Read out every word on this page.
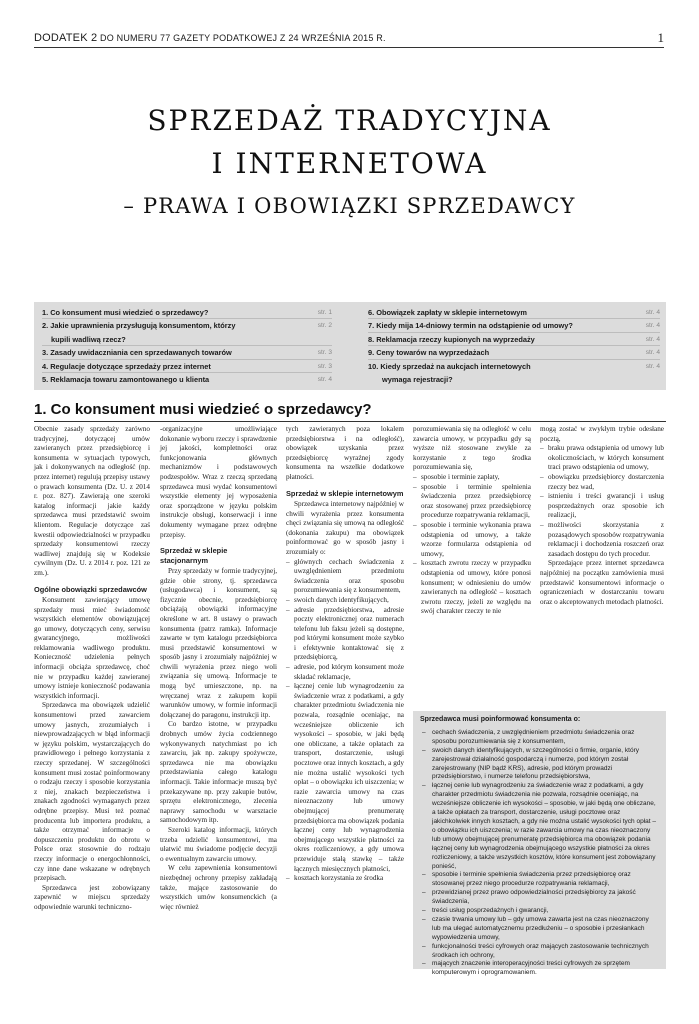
DODATEK 2 DO NUMERU 77 GAZETY PODATKOWEJ Z 24 WRZEŚNIA 2015 R.	1
SPRZEDAŻ TRADYCYJNA
I INTERNETOWA
– PRAWA I OBOWIĄZKI SPRZEDAWCY
1. Co konsument musi wiedzieć o sprzedawcy?	str. 1
2. Jakie uprawnienia przysługują konsumentom, którzy	str. 2
kupili wadliwą rzecz?
3. Zasady uwidaczniania cen sprzedawanych towarów	str. 3
4. Regulacje dotyczące sprzedaży przez internet	str. 3
5. Reklamacja towaru zamontowanego u klienta	str. 4
6. Obowiązek zapłaty w sklepie internetowym	str. 4
7. Kiedy mija 14-dniowy termin na odstąpienie od umowy?	str. 4
8. Reklamacja rzeczy kupionych na wyprzedaży	str. 4
9. Ceny towarów na wyprzedażach	str. 4
10. Kiedy sprzedaż na aukcjach internetowych	str. 4
wymaga rejestracji?
1. Co konsument musi wiedzieć o sprzedawcy?

Obecnie zasady sprzedaży zarówno tradycyjnej, dotyczącej umów zawieranych przez przedsiębiorcę i konsumenta w sytuacjach typowych, jak i dokonywanych na odległość (np. przez internet) regulują przepisy ustawy o prawach konsumenta (Dz. U. z 2014 r. poz. 827). Zawierają one szeroki katalog informacji jakie każdy sprzedawca musi przedstawić swoim klientom. Regulacje dotyczące zaś kwestii odpowiedzialności w przypadku sprzedaży konsumentowi rzeczy wadliwej znajdują się w Kodeksie cywilnym (Dz. U. z 2014 r. poz. 121 ze zm.).

Ogólne obowiązki sprzedawców

Konsument zawierający umowę sprzedaży musi mieć świadomość wszystkich elementów obowiązującej go umowy, dotyczących ceny, serwisu gwarancyjnego, możliwości reklamowania wadliwego produktu. Konieczność udzielenia pełnych informacji obciąża sprzedawcę, choć nie w przypadku każdej zawieranej umowy istnieje konieczność podawania wszystkich informacji.

Sprzedawca ma obowiązek udzielić konsumentowi przed zawarciem umowy jasnych, zrozumiałych i niewprowadzających w błąd informacji w języku polskim, wystarczających do prawidłowego i pełnego korzystania z rzeczy sprzedanej. W szczególności konsument musi zostać poinformowany o rodzaju rzeczy i sposobie korzystania z niej, znakach bezpieczeństwa i znakach zgodności wymaganych przez odrębne przepisy. Musi też poznać producenta lub importera produktu, a także otrzymać informacje o dopuszczeniu produktu do obrotu w Polsce oraz stosownie do rodzaju rzeczy informacje o energochłonności, czy inne dane wskazane w odrębnych przepisach.

Sprzedawca jest zobowiązany zapewnić w miejscu sprzedaży odpowiednie warunki techniczno-

-organizacyjne umożliwiające dokonanie wyboru rzeczy i sprawdzenie jej jakości, kompletności oraz funkcjonowania głównych mechanizmów i podstawowych podzespołów. Wraz z rzeczą sprzedaną sprzedawca musi wydać konsumentowi wszystkie elementy jej wyposażenia oraz sporządzone w języku polskim instrukcje obsługi, konserwacji i inne dokumenty wymagane przez odrębne przepisy.

Sprzedaż w sklepie stacjonarnym

Przy sprzedaży w formie tradycyjnej, gdzie obie strony, tj. sprzedawca (usługodawca) i konsument, są fizycznie obecnie, przedsiębiorcę obciążają obowiązki informacyjne określone w art. 8 ustawy o prawach konsumenta (patrz ramka). Informacje zawarte w tym katalogu przedsiębiorca musi przedstawić konsumentowi w sposób jasny i zrozumiały najpóźniej w chwili wyrażenia przez niego woli związania się umową. Informacje te mogą być umieszczone, np. na wręczanej wraz z zakupem kopii warunków umowy, w formie informacji dołączanej do paragonu, instrukcji itp.

Co bardzo istotne, w przypadku drobnych umów życia codziennego wykonywanych natychmiast po ich zawarciu, jak np. zakupy spożywcze, sprzedawca nie ma obowiązku przedstawiania całego katalogu informacji. Takie informacje muszą być przekazywane np. przy zakupie butów, sprzętu elektronicznego, zlecenia naprawy samochodu w warsztacie samochodowym itp.

Szeroki katalog informacji, których trzeba udzielić konsumentowi, ma ułatwić mu świadome podjęcie decyzji o ewentualnym zawarciu umowy.

W celu zapewnienia konsumentowi niezbędnej ochrony przepisy zakładają także, mające zastosowanie do wszystkich umów konsumenckich (a więc również

tych zawieranych poza lokalem przedsiębiorstwa i na odległość), obowiązek uzyskania przez przedsiębiorcę wyraźnej zgody konsumenta na wszelkie dodatkowe płatności.

Sprzedaż w sklepie internetowym

Sprzedawca internetowy najpóźniej w chwili wyrażenia przez konsumenta chęci związania się umową na odległość (dokonania zakupu) ma obowiązek poinformować go w sposób jasny i zrozumiały o:

– głównych cechach świadczenia z uwzględnieniem przedmiotu świadczenia oraz sposobu porozumiewania się z konsumentem,
– swoich danych identyfikujących,
– adresie przedsiębiorstwa, adresie poczty elektronicznej oraz numerach telefonu lub faksu jeżeli są dostępne, pod którymi konsument może szybko i efektywnie kontaktować się z przedsiębiorcą,
– adresie, pod którym konsument może składać reklamacje,
– łącznej cenie lub wynagrodzeniu za świadczenie wraz z podatkami, a gdy charakter przedmiotu świadczenia nie pozwala, rozsądnie oceniając, na wcześniejsze obliczenie ich wysokości – sposobie, w jaki będą one obliczane, a także opłatach za transport, dostarczenie, usługi pocztowe oraz innych kosztach, a gdy nie można ustalić wysokości tych opłat – o obowiązku ich uiszczenia; w razie zawarcia umowy na czas nieoznaczony lub umowy obejmującej prenumeratę przedsiębiorca ma obowiązek podania łącznej ceny lub wynagrodzenia obejmującego wszystkie płatności za okres rozliczeniowy, a gdy umowa przewiduje stałą stawkę – także łącznych miesięcznych płatności,
– kosztach korzystania ze środka

porozumiewania się na odległość w celu zawarcia umowy, w przypadku gdy są wyższe niż stosowane zwykle za korzystanie z tego środka porozumiewania się,

– sposobie i terminie zapłaty,
– sposobie i terminie spełnienia świadczenia przez przedsiębiorcę oraz stosowanej przez przedsiębiorcę procedurze rozpatrywania reklamacji,
– sposobie i terminie wykonania prawa odstąpienia od umowy, a także wzorze formularza odstąpienia od umowy,
– kosztach zwrotu rzeczy w przypadku odstąpienia od umowy, które ponosi konsument; w odniesieniu do umów zawieranych na odległość – kosztach zwrotu rzeczy, jeżeli ze względu na swój charakter rzeczy te nie

mogą zostać w zwykłym trybie odesłane pocztą,

– braku prawa odstąpienia od umowy lub okolicznościach, w których konsument traci prawo odstąpienia od umowy,
– obowiązku przedsiębiorcy dostarczenia rzeczy bez wad,
– istnieniu i treści gwarancji i usług posprzedażnych oraz sposobie ich realizacji,
– możliwości skorzystania z pozasądowych sposobów rozpatrywania reklamacji i dochodzenia roszczeń oraz zasadach dostępu do tych procedur.

Sprzedające przez internet sprzedawca najpóźniej na początku zamówienia musi przedstawić konsumentowi informacje o ograniczeniach w dostarczaniu towaru oraz o akceptowanych metodach płatności.

Sprzedawca musi poinformować konsumenta o:
– cechach świadczenia, z uwzględnieniem przedmiotu świadczenia oraz sposobu porozumiewania się z konsumentem,
– swoich danych identyfikujących, w szczególności o firmie, organie, który zarejestrował działalność gospodarczą i numerze, pod którym został zarejestrowany (NIP bądź KRS), adresie, pod którym prowadzi przedsiębiorstwo, i numerze telefonu przedsiębiorstwa,
– łącznej cenie lub wynagrodzeniu za świadczenie wraz z podatkami, a gdy charakter przedmiotu świadczenia nie pozwala, rozsądnie oceniając, na wcześniejsze obliczenie ich wysokości – sposobie, w jaki będą one obliczane, a także opłatach za transport, dostarczenie, usługi pocztowe oraz jakichkolwiek innych kosztach, a gdy nie można ustalić wysokości tych opłat – o obowiązku ich uiszczenia; w razie zawarcia umowy na czas nieoznaczony lub umowy obejmującej prenumeratę przedsiębiorca ma obowiązek podania łącznej ceny lub wynagrodzenia obejmującego wszystkie płatności za okres rozliczeniowy, a także wszystkich kosztów, które konsument jest zobowiązany ponieść,
– sposobie i terminie spełnienia świadczenia przez przedsiębiorcę oraz stosowanej przez niego procedurze rozpatrywania reklamacji,
– przewidzianej przez prawo odpowiedzialności przedsiębiorcy za jakość świadczenia,
– treści usług posprzedażnych i gwarancji,
– czasie trwania umowy lub – gdy umowa zawarta jest na czas nieoznaczony lub ma ulegać automatycznemu przedłużeniu – o sposobie i przesłankach wypowiedzenia umowy,
– funkcjonalności treści cyfrowych oraz mających zastosowanie technicznych środkach ich ochrony,
– mających znaczenie interoperacyjności treści cyfrowych ze sprzętem komputerowym i oprogramowaniem.
